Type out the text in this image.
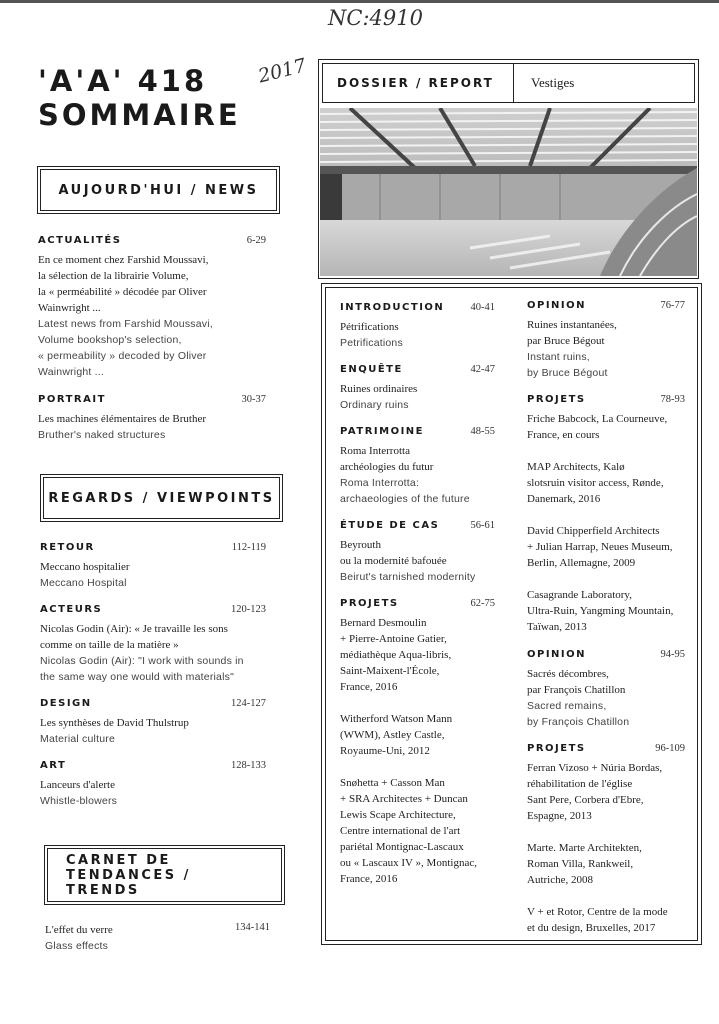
NC:4910
2017
'A'A' 418
SOMMAIRE
AUJOURD'HUI / NEWS
ACTUALITÉS	6-29
En ce moment chez Farshid Moussavi,
la sélection de la librairie Volume,
la « perméabilité » décodée par Oliver
Wainwright ...
Latest news from Farshid Moussavi,
Volume bookshop's selection,
« permeability » decoded by Oliver
Wainwright ...
PORTRAIT	30-37
Les machines élémentaires de Bruther
Bruther's naked structures
REGARDS / VIEWPOINTS
RETOUR	112-119
Meccano hospitalier
Meccano Hospital
ACTEURS	120-123
Nicolas Godin (Air): « Je travaille les sons
comme on taille de la matière »
Nicolas Godin (Air): "I work with sounds in
the same way one would with materials"
DESIGN	124-127
Les synthèses de David Thulstrup
Material culture
ART	128-133
Lanceurs d'alerte
Whistle-blowers
CARNET DE TENDANCES /
TRENDS
134-141
L'effet du verre
Glass effects
DOSSIER / REPORT	Vestiges
INTRODUCTION	40-41
Pétrifications
Petrifications
ENQUÊTE	42-47
Ruines ordinaires
Ordinary ruins
PATRIMOINE	48-55
Roma Interrotta
archéologies du futur
Roma Interrotta:
archaeologies of the future
ÉTUDE DE CAS	56-61
Beyrouth
ou la modernité bafouée
Beirut's tarnished modernity
PROJETS	62-75
Bernard Desmoulin
+ Pierre-Antoine Gatier,
médiathèque Aqua-libris,
Saint-Maixent-l'École,
France, 2016
Witherford Watson Mann
(WWM), Astley Castle,
Royaume-Uni, 2012
Snøhetta + Casson Man
+ SRA Architectes + Duncan
Lewis Scape Architecture,
Centre international de l'art
pariétal Montignac-Lascaux
ou « Lascaux IV », Montignac,
France, 2016
OPINION	76-77
Ruines instantanées,
par Bruce Bégout
Instant ruins,
by Bruce Bégout
PROJETS	78-93
Friche Babcock, La Courneuve,
France, en cours
MAP Architects, Kalø
slotsruin visitor access, Rønde,
Danemark, 2016
David Chipperfield Architects
+ Julian Harrap, Neues Museum,
Berlin, Allemagne, 2009
Casagrande Laboratory,
Ultra-Ruin, Yangming Mountain,
Taïwan, 2013
OPINION	94-95
Sacrés décombres,
par François Chatillon
Sacred remains,
by François Chatillon
PROJETS	96-109
Ferran Vizoso + Núria Bordas,
réhabilitation de l'église
Sant Pere, Corbera d'Ebre,
Espagne, 2013
Marte. Marte Architekten,
Roman Villa, Rankweil,
Autriche, 2008
V + et Rotor, Centre de la mode
et du design, Bruxelles, 2017
